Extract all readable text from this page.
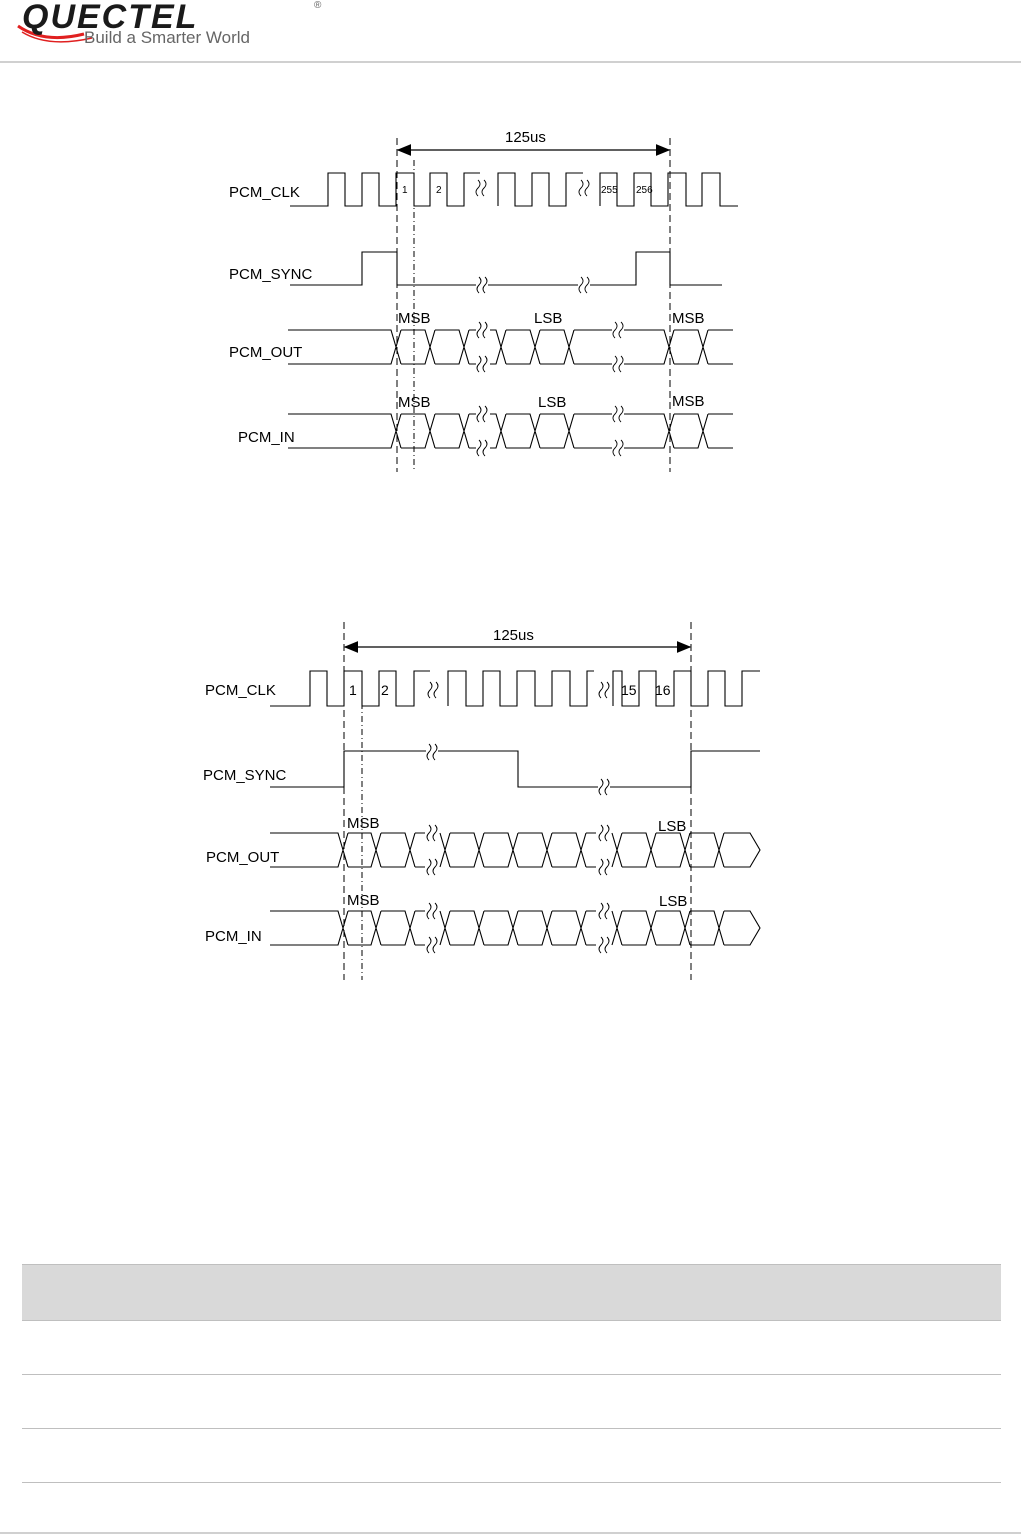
QUECTEL	®
Build a Smarter World
125us
PCM_CLK
PCM_SYNC
PCM_OUT
PCM_IN
1	2	255 256
MSB	LSB	MSB
MSB	LSB	MSB
125us
PCM_CLK
PCM_SYNC
PCM_OUT
PCM_IN
1 2	15 16
MSB	LSB
MSB	LSB
